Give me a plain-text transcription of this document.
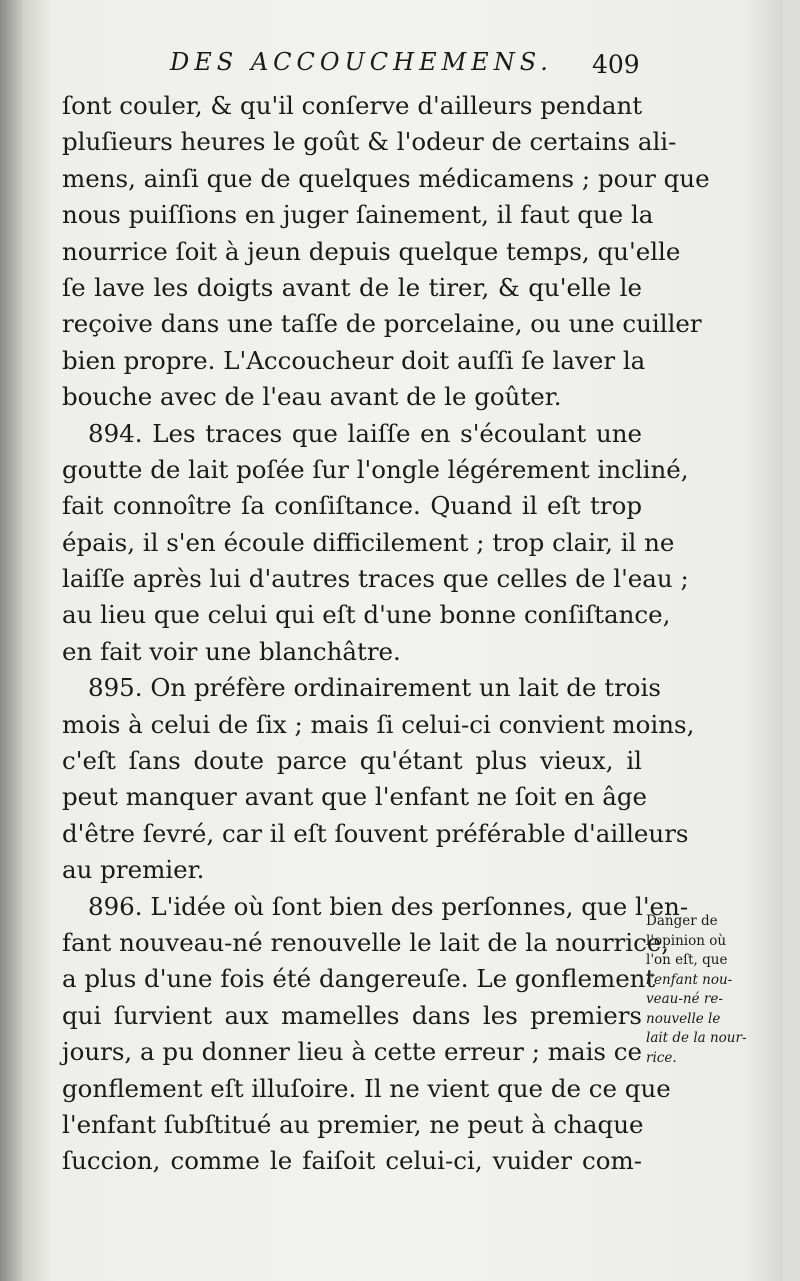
DES ACCOUCHEMENS. 409
ſont couler, & qu'il conſerve d'ailleurs pendant
pluſieurs heures le goût & l'odeur de certains ali-
mens, ainſi que de quelques médicamens ; pour que
nous puiſſions en juger ſainement, il faut que la
nourrice ſoit à jeun depuis quelque temps, qu'elle
ſe lave les doigts avant de le tirer, & qu'elle le
reçoive dans une taſſe de porcelaine, ou une cuiller
bien propre. L'Accoucheur doit auſſi ſe laver la
bouche avec de l'eau avant de le goûter.
894. Les traces que laiſſe en s'écoulant une
goutte de lait poſée ſur l'ongle légérement incliné,
fait connoître ſa conſiſtance. Quand il eſt trop
épais, il s'en écoule difficilement ; trop clair, il ne
laiſſe après lui d'autres traces que celles de l'eau ;
au lieu que celui qui eſt d'une bonne conſiſtance,
en fait voir une blanchâtre.
895. On préfère ordinairement un lait de trois
mois à celui de ſix ; mais ſi celui-ci convient moins,
c'eſt ſans doute parce qu'étant plus vieux, il
peut manquer avant que l'enfant ne ſoit en âge
d'être ſevré, car il eſt ſouvent préférable d'ailleurs
au premier.
896. L'idée où ſont bien des perſonnes, que l'en-
fant nouveau-né renouvelle le lait de la nourrice,
a plus d'une fois été dangereuſe. Le gonflement
qui ſurvient aux mamelles dans les premiers
jours, a pu donner lieu à cette erreur ; mais ce
gonflement eſt illuſoire. Il ne vient que de ce que
l'enfant ſubſtitué au premier, ne peut à chaque
ſuccion, comme le faiſoit celui-ci, vuider com-
Danger de
l'opinion où
l'on eſt, que
l'enfant nou-
veau-né re-
nouvelle le
lait de la nour-
rice.
